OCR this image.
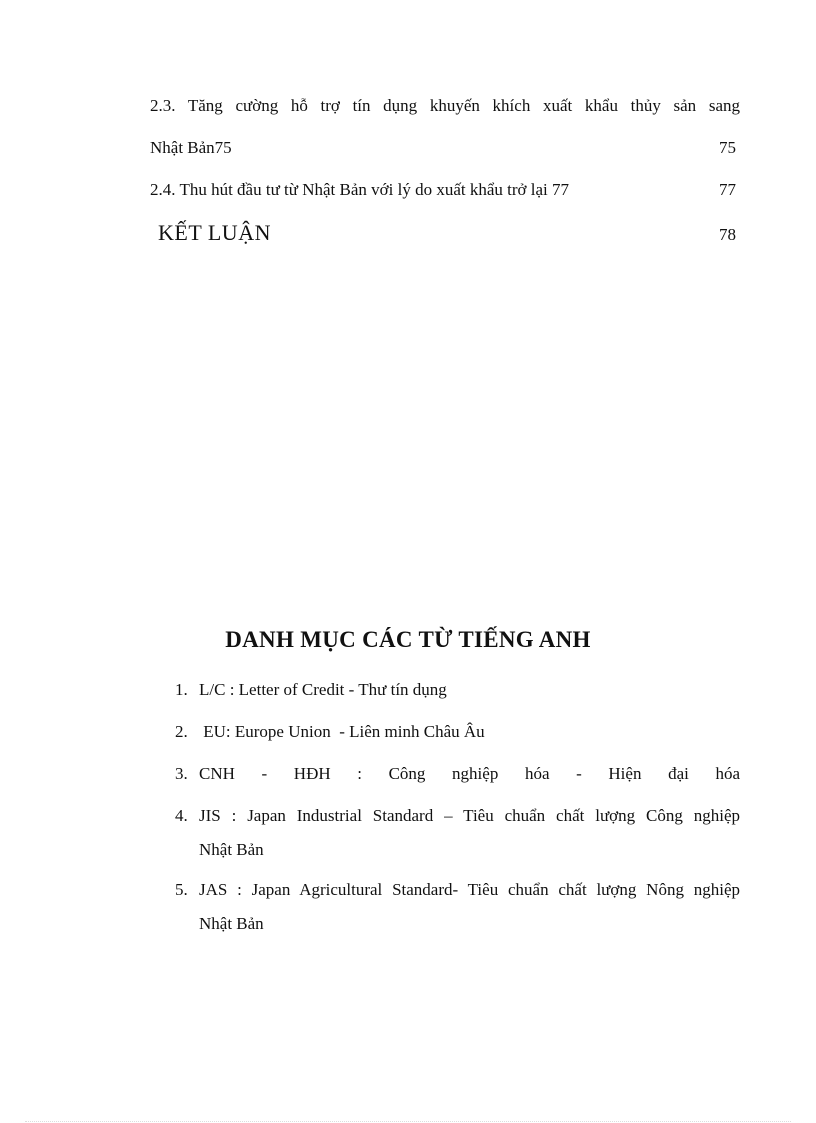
2.3. Tăng cường hỗ trợ tín dụng khuyến khích xuất khẩu thủy sản sang
Nhật Bản75	75
2.4. Thu hút đầu tư từ Nhật Bản với lý do xuất khẩu trở lại 77	77
KẾT LUẬN	78
DANH MỤC CÁC TỪ TIẾNG ANH
1. L/C : Letter of Credit - Thư tín dụng
2. EU: Europe Union  - Liên minh Châu Âu
3. CNH - HĐH : Công nghiệp hóa - Hiện đại hóa
4. JIS : Japan Industrial Standard – Tiêu chuẩn chất lượng Công nghiệp
Nhật Bản
5. JAS : Japan Agricultural Standard- Tiêu chuẩn chất lượng Nông nghiệp
Nhật Bản
